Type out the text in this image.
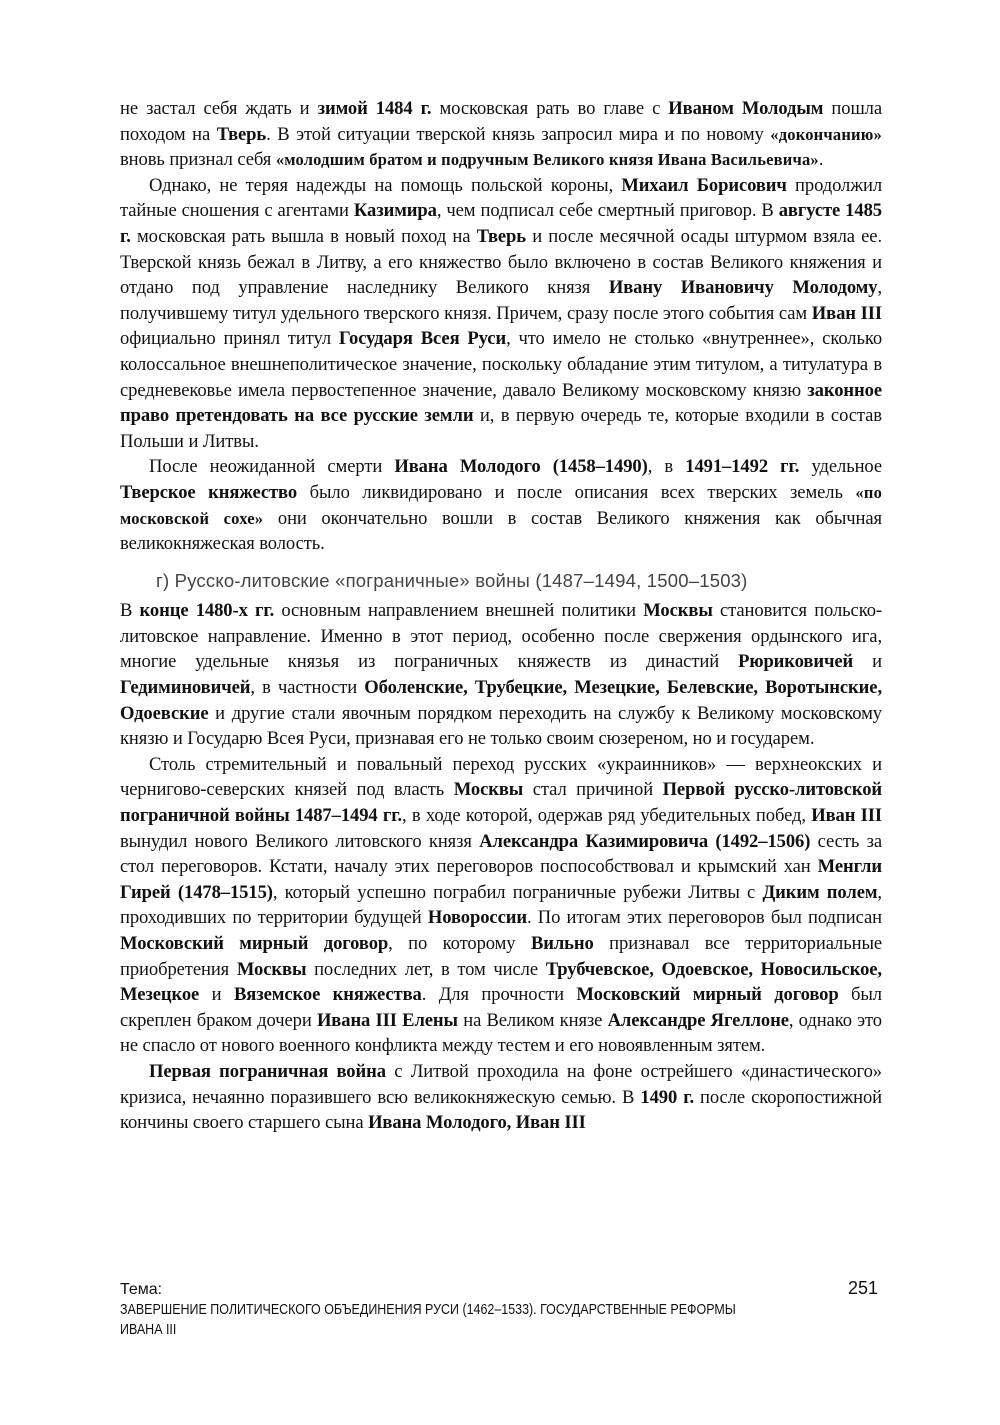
не застал себя ждать и зимой 1484 г. московская рать во главе с Иваном Молодым пошла походом на Тверь. В этой ситуации тверской князь запросил мира и по новому «докончанию» вновь признал себя «молодшим братом и подручным Великого князя Ивана Васильевича».

Однако, не теряя надежды на помощь польской короны, Михаил Борисович продолжил тайные сношения с агентами Казимира, чем подписал себе смертный приговор. В августе 1485 г. московская рать вышла в новый поход на Тверь и после месячной осады штурмом взяла ее. Тверской князь бежал в Литву, а его княжество было включено в состав Великого княжения и отдано под управление наследнику Великого князя Ивану Ивановичу Молодому, получившему титул удельного тверского князя. Причем, сразу после этого события сам Иван III официально принял титул Государя Всея Руси, что имело не столько «внутреннее», сколько колоссальное внешнеполитическое значение, поскольку обладание этим титулом, а титулатура в средневековье имела первостепенное значение, давало Великому московскому князю законное право претендовать на все русские земли и, в первую очередь те, которые входили в состав Польши и Литвы.

После неожиданной смерти Ивана Молодого (1458–1490), в 1491–1492 гг. удельное Тверское княжество было ликвидировано и после описания всех тверских земель «по московской сохе» они окончательно вошли в состав Великого княжения как обычная великокняжеская волость.

г) Русско-литовские «пограничные» войны (1487–1494, 1500–1503)

В конце 1480-х гг. основным направлением внешней политики Москвы становится польско-литовское направление. Именно в этот период, особенно после свержения ордынского ига, многие удельные князья из пограничных княжеств из династий Рюриковичей и Гедиминовичей, в частности Оболенские, Трубецкие, Мезецкие, Белевские, Воротынские, Одоевские и другие стали явочным порядком переходить на службу к Великому московскому князю и Государю Всея Руси, признавая его не только своим сюзереном, но и государем.

Столь стремительный и повальный переход русских «украинников» — верхнеокских и чернигово-северских князей под власть Москвы стал причиной Первой русско-литовской пограничной войны 1487–1494 гг., в ходе которой, одержав ряд убедительных побед, Иван III вынудил нового Великого литовского князя Александра Казимировича (1492–1506) сесть за стол переговоров. Кстати, началу этих переговоров поспособствовал и крымский хан Менгли Гирей (1478–1515), который успешно пограбил пограничные рубежи Литвы с Диким полем, проходивших по территории будущей Новороссии. По итогам этих переговоров был подписан Московский мирный договор, по которому Вильно признавал все территориальные приобретения Москвы последних лет, в том числе Трубчевское, Одоевское, Новосильское, Мезецкое и Вяземское княжества. Для прочности Московский мирный договор был скреплен браком дочери Ивана III Елены на Великом князе Александре Ягеллоне, однако это не спасло от нового военного конфликта между тестем и его новоявленным зятем.

Первая пограничная война с Литвой проходила на фоне острейшего «династического» кризиса, нечаянно поразившего всю великокняжескую семью. В 1490 г. после скоропостижной кончины своего старшего сына Ивана Молодого, Иван III

Тема:
ЗАВЕРШЕНИЕ ПОЛИТИЧЕСКОГО ОБЪЕДИНЕНИЯ РУСИ (1462–1533). ГОСУДАРСТВЕННЫЕ РЕФОРМЫ
ИВАНА III
251
